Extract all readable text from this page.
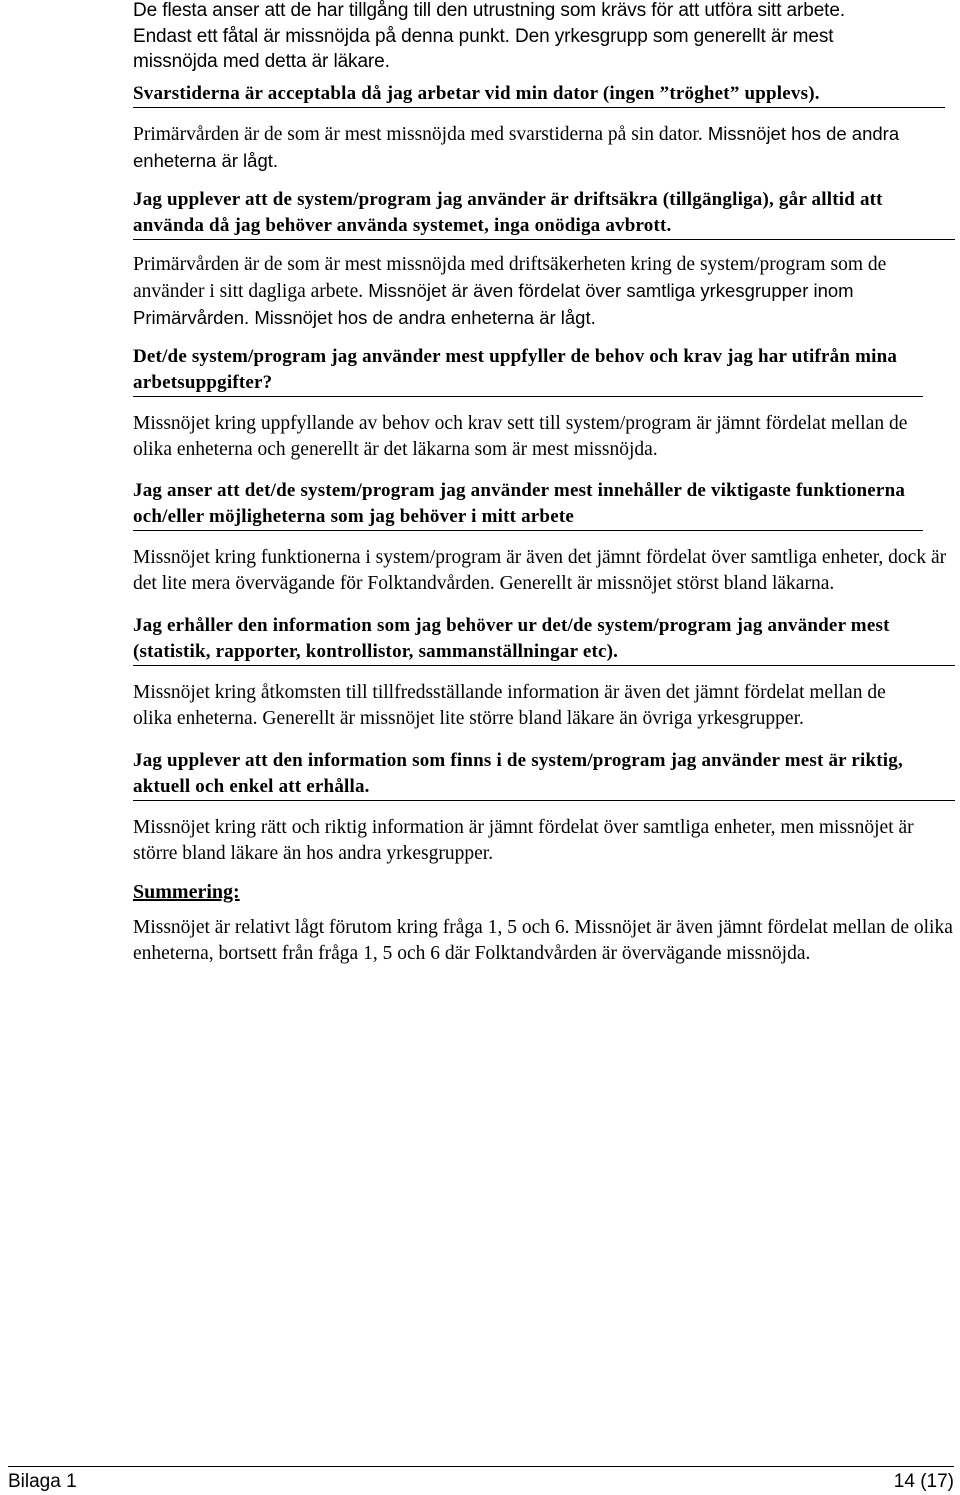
De flesta anser att de har tillgång till den utrustning som krävs för att utföra sitt arbete.
Endast ett fåtal är missnöjda på denna punkt. Den yrkesgrupp som generellt är mest
missnöjda med detta är läkare.

Svarstiderna är acceptabla då jag arbetar vid min dator (ingen ”tröghet” upplevs).

Primärvården är de som är mest missnöjda med svarstiderna på sin dator. Missnöjet hos de andra enheterna är lågt.

Jag upplever att de system/program jag använder är driftsäkra (tillgängliga), går alltid att använda då jag behöver använda systemet, inga onödiga avbrott.

Primärvården är de som är mest missnöjda med driftsäkerheten kring de system/program som de använder i sitt dagliga arbete. Missnöjet är även fördelat över samtliga yrkesgrupper inom Primärvården. Missnöjet hos de andra enheterna är lågt.

Det/de system/program jag använder mest uppfyller de behov och krav jag har utifrån mina arbetsuppgifter?

Missnöjet kring uppfyllande av behov och krav sett till system/program är jämnt fördelat mellan de olika enheterna och generellt är det läkarna som är mest missnöjda.

Jag anser att det/de system/program jag använder mest innehåller de viktigaste funktionerna och/eller möjligheterna som jag behöver i mitt arbete

Missnöjet kring funktionerna i system/program är även det jämnt fördelat över samtliga enheter, dock är det lite mera övervägande för Folktandvården. Generellt är missnöjet störst bland läkarna.

Jag erhåller den information som jag behöver ur det/de system/program jag använder mest (statistik, rapporter, kontrollistor, sammanställningar etc).

Missnöjet kring åtkomsten till tillfredsställande information är även det jämnt fördelat mellan de olika enheterna. Generellt är missnöjet lite större bland läkare än övriga yrkesgrupper.

Jag upplever att den information som finns i de system/program jag använder mest är riktig, aktuell och enkel att erhålla.

Missnöjet kring rätt och riktig information är jämnt fördelat över samtliga enheter, men missnöjet är större bland läkare än hos andra yrkesgrupper.

Summering:

Missnöjet är relativt lågt förutom kring fråga 1, 5 och 6. Missnöjet är även jämnt fördelat mellan de olika enheterna, bortsett från fråga 1, 5 och 6 där Folktandvården är övervägande missnöjda.

Bilaga 1	14 (17)
